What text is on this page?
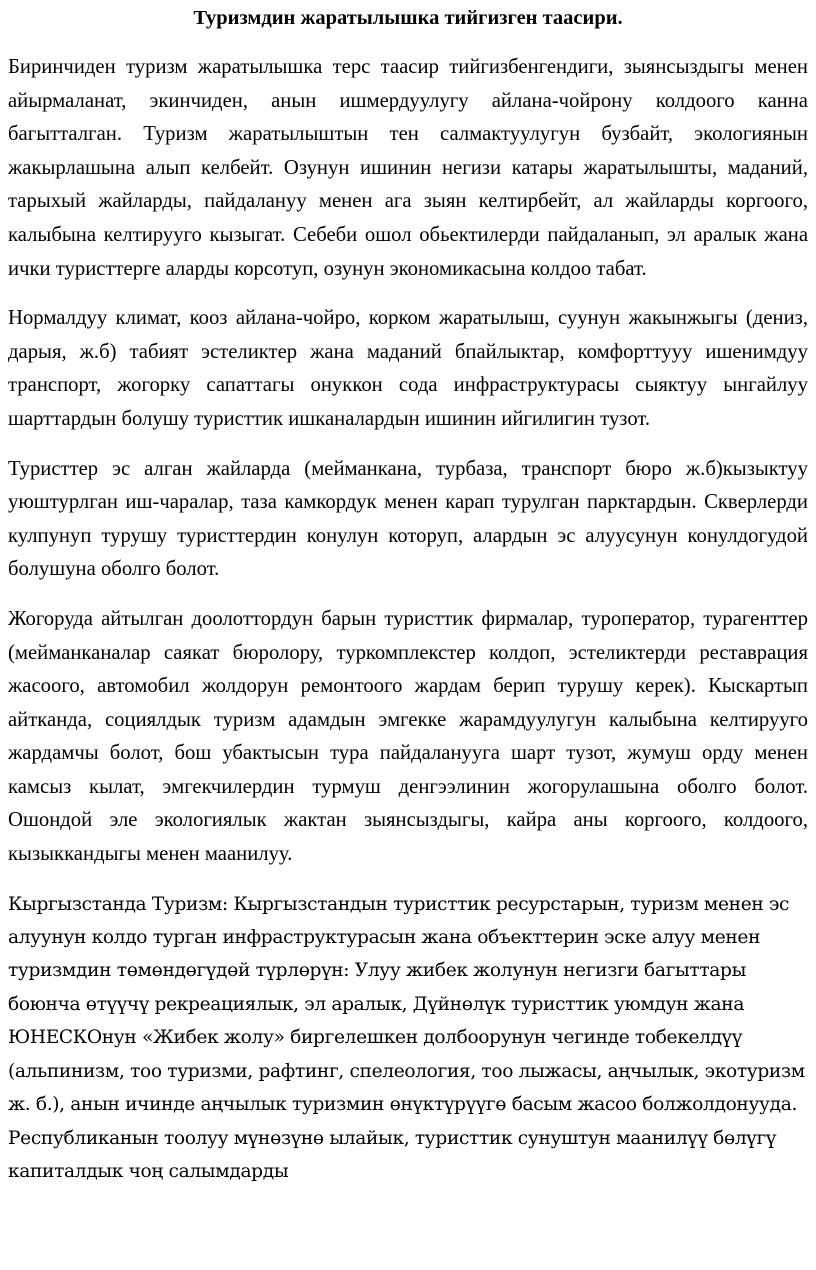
Туризмдин жаратылышка тийгизген таасири.

Биринчиден туризм жаратылышка терс таасир тийгизбенгендиги, зыянсыздыгы менен айырмаланат, экинчиден, анын ишмердуулугу айлана-чойрону колдоого канна багытталган. Туризм жаратылыштын тен салмактуулугун бузбайт, экологиянын жакырлашына алып келбейт. Озунун ишинин негизи катары жаратылышты, маданий, тарыхый жайларды, пайдалануу менен ага зыян келтирбейт, ал жайларды коргоого, калыбына келтирууго кызыгат. Себеби ошол обьектилерди пайдаланып, эл аралык жана ички туристтерге аларды корсотуп, озунун экономикасына колдоо табат.

Нормалдуу климат, кооз айлана-чойро, корком жаратылыш, суунун жакынжыгы (дениз, дарыя, ж.б) табият эстеликтер жана маданий бпайлыктар, комфорттууу ишенимдуу транспорт, жогорку сапаттагы онуккон сода инфраструктурасы сыяктуу ынгайлуу шарттардын болушу туристтик ишканалардын ишинин ийгилигин тузот.

Туристтер эс алган жайларда (мейманкана, турбаза, транспорт бюро ж.б)кызыктуу уюштурлган иш-чаралар, таза камкордук менен карап турулган парктардын. Скверлерди кулпунуп турушу туристтердин конулун которуп, алардын эс алуусунун конулдогудой болушуна оболго болот.

Жогоруда айтылган доолоттордун барын туристтик фирмалар, туроператор, турагенттер (мейманканалар саякат бюролору, туркомплекстер колдоп, эстеликтерди реставрация жасоого, автомобил жолдорун ремонтоого жардам берип турушу керек). Кыскартып айтканда, социялдык туризм адамдын эмгекке жарамдуулугун калыбына келтирууго жардамчы болот, бош убактысын тура пайдаланууга шарт тузот, жумуш орду менен камсыз кылат, эмгекчилердин турмуш денгээлинин жогорулашына оболго болот. Ошондой эле экологиялык жактан зыянсыздыгы, кайра аны коргоого, колдоого, кызыккандыгы менен маанилуу.

Кыргызстанда Туризм: Кыргызстандын туристтик ресурстарын, туризм менен эс алуунун колдо турган инфраструктурасын жана объекттерин эске алуу менен туризмдин төмөндөгүдөй түрлөрүн: Улуу жибек жолунун негизги багыттары боюнча өтүүчү рекреациялык, эл аралык, Дүйнөлүк туристтик уюмдун жана ЮНЕСКОнун «Жибек жолу» биргелешкен долбоорунун чегинде тобекелдүү (альпинизм, тоо туризми, рафтинг, спелеология, тоо лыжасы, аңчылык, экотуризм ж. б.), анын ичинде аңчылык туризмин өнүктүрүүгө басым жасоо болжолдонууда. Республиканын тоолуу мүнөзүнө ылайык, туристтик сунуштун маанилүү бөлүгү капиталдык чоң салымдарды
